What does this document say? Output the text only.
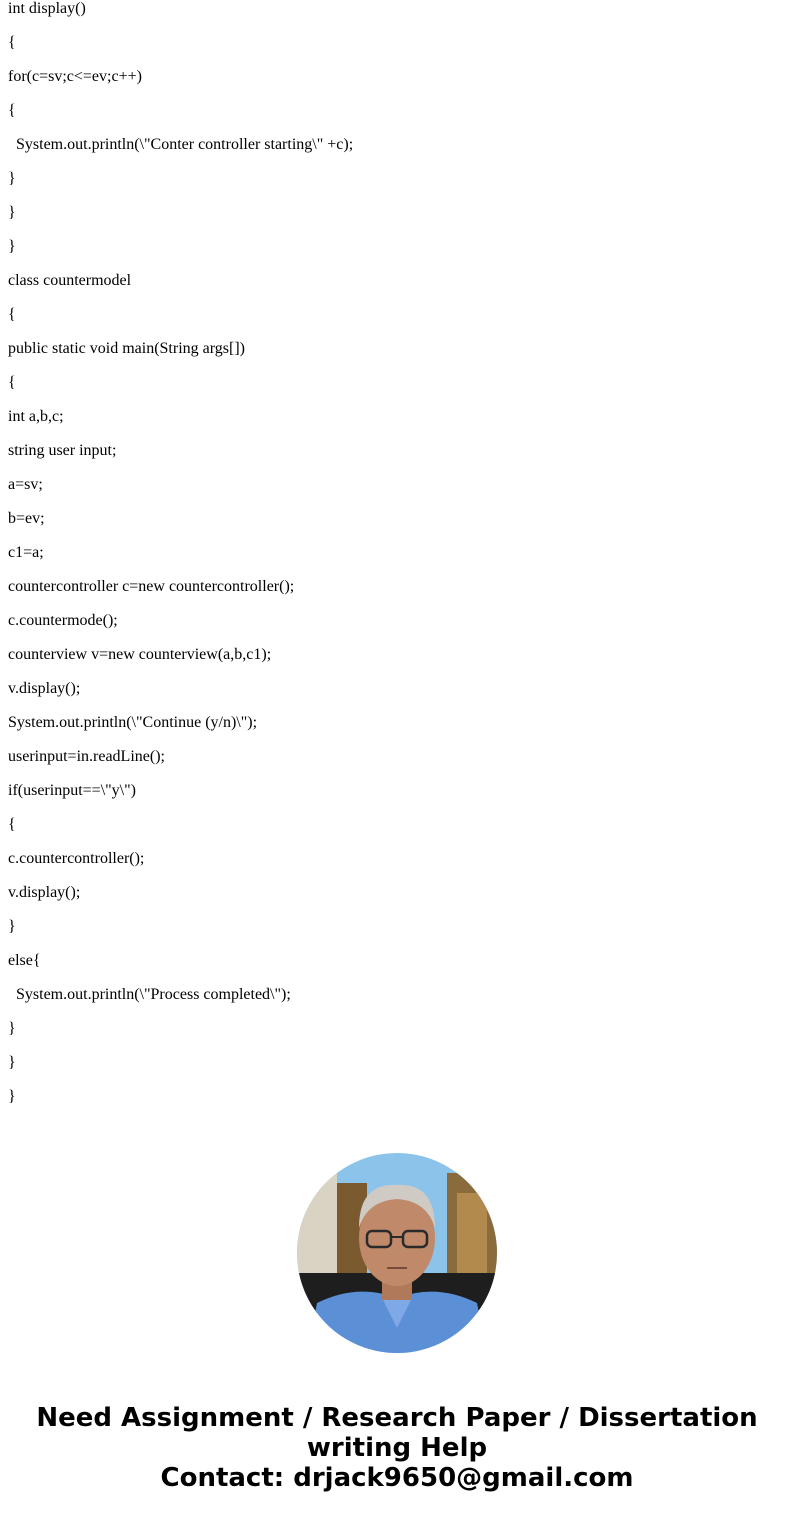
int display()
{
for(c=sv;c<=ev;c++)
{
System.out.println(\"Conter controller starting\" +c);
}
}
}
class countermodel
{
public static void main(String args[])
{
int a,b,c;
string user input;
a=sv;
b=ev;
c1=a;
countercontroller c=new countercontroller();
c.countermode();
counterview v=new counterview(a,b,c1);
v.display();
System.out.println(\"Continue (y/n)\");
userinput=in.readLine();
if(userinput==\"y\")
{
c.countercontroller();
v.display();
}
else{
System.out.println(\"Process completed\");
}
}
}
Need Assignment / Research Paper / Dissertation
writing Help
Contact: drjack9650@gmail.com
